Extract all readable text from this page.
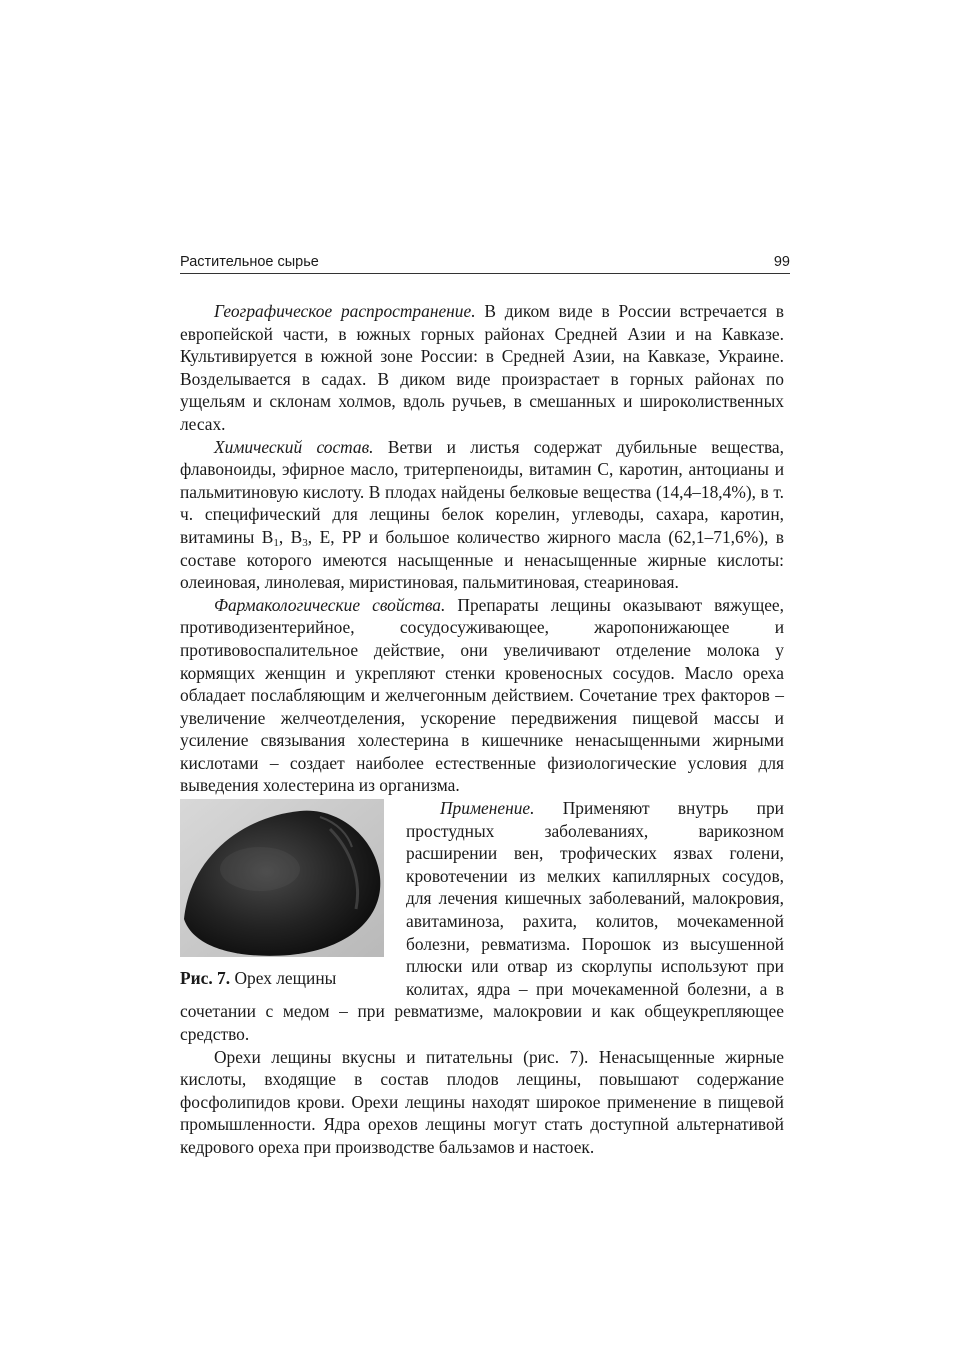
Растительное сырье	99

Географическое распространение. В диком виде в России встречается в европейской части, в южных горных районах Средней Азии и на Кавказе. Культивируется в южной зоне России: в Средней Азии, на Кавказе, Украине. Возделывается в садах. В диком виде произрастает в горных районах по ущельям и склонам холмов, вдоль ручьев, в смешанных и широколиственных лесах.

Химический состав. Ветви и листья содержат дубильные вещества, флавоноиды, эфирное масло, тритерпеноиды, витамин С, каротин, антоцианы и пальмитиновую кислоту. В плодах найдены белковые вещества (14,4–18,4%), в т. ч. специфический для лещины белок корелин, углеводы, сахара, каротин, витамины $В_1$, $В_3$, Е, РР и большое количество жирного масла (62,1–71,6%), в составе которого имеются насыщенные и ненасыщенные жирные кислоты: олеиновая, линолевая, миристиновая, пальмитиновая, стеариновая.

Фармакологические свойства. Препараты лещины оказывают вяжущее, противодизентерийное, сосудосуживающее, жаропонижающее и противовоспалительное действие, они увеличивают отделение молока у кормящих женщин и укрепляют стенки кровеносных сосудов. Масло ореха обладает послабляющим и желчегонным действием. Сочетание трех факторов – увеличение желчеотделения, ускорение передвижения пищевой массы и усиление связывания холестерина в кишечнике ненасыщенными жирными кислотами – создает наиболее естественные физиологические условия для выведения холестерина из организма.

Рис. 7. Орех лещины

Применение. Применяют внутрь при простудных заболеваниях, варикозном расширении вен, трофических язвах голени, кровотечении из мелких капиллярных сосудов, для лечения кишечных заболеваний, малокровия, авитаминоза, рахита, колитов, мочекаменной болезни, ревматизма. Порошок из высушенной плюски или отвар из скорлупы используют при колитах, ядра – при мочекаменной болезни, а в сочетании с медом – при ревматизме, малокровии и как общеукрепляющее средство.

Орехи лещины вкусны и питательны (рис. 7). Ненасыщенные жирные кислоты, входящие в состав плодов лещины, повышают содержание фосфолипидов крови. Орехи лещины находят широкое применение в пищевой промышленности. Ядра орехов лещины могут стать доступной альтернативой кедрового ореха при производстве бальзамов и настоек.
